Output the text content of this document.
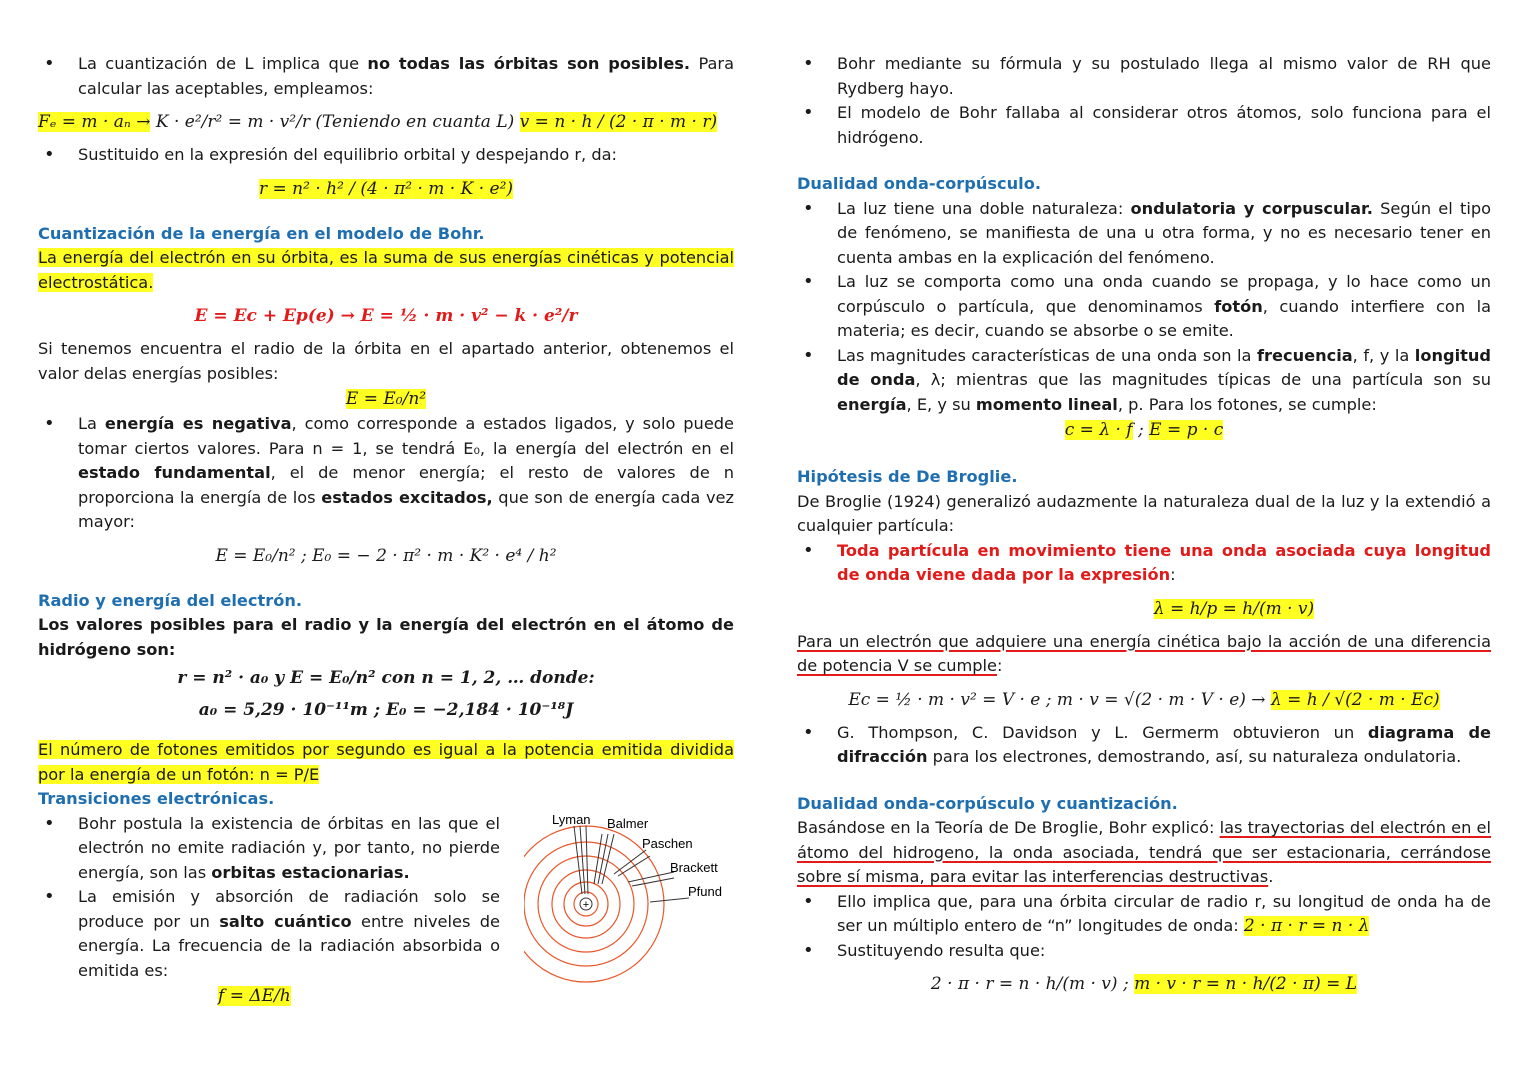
• La cuantización de L implica que no todas las órbitas son posibles. Para calcular las aceptables, empleamos:
Fₑ = m · aₙ → K · e²/r² = m · v²/r (Teniendo en cuanta L) v = n · h / (2 · π · m · r)
• Sustituido en la expresión del equilibrio orbital y despejando r, da:
r = n² · h² / (4 · π² · m · K · e²)
Cuantización de la energía en el modelo de Bohr.

La energía del electrón en su órbita, es la suma de sus energías cinéticas y potencial electrostática.

E = Ec + Ep(e) → E = ½ · m · v² − k · e²/r

Si tenemos encuentra el radio de la órbita en el apartado anterior, obtenemos el valor delas energías posibles:

E = E₀/n²
• La energía es negativa, como corresponde a estados ligados, y solo puede tomar ciertos valores. Para n = 1, se tendrá E₀, la energía del electrón en el estado fundamental, el de menor energía; el resto de valores de n proporciona la energía de los estados excitados, que son de energía cada vez mayor:
E = E₀/n² ; E₀ = − 2 · π² · m · K² · e⁴ / h²
Radio y energía del electrón.

Los valores posibles para el radio y la energía del electrón en el átomo de hidrógeno son:

r = n² · a₀ y E = E₀/n² con n = 1, 2, … donde:
a₀ = 5,29 · 10⁻¹¹m ; E₀ = −2,184 · 10⁻¹⁸J

El número de fotones emitidos por segundo es igual a la potencia emitida dividida por la energía de un fotón: n = P/E

Transiciones electrónicas.
• Bohr postula la existencia de órbitas en las que el electrón no emite radiación y, por tanto, no pierde energía, son las orbitas estacionarias.
• La emisión y absorción de radiación solo se produce por un salto cuántico entre niveles de energía. La frecuencia de la radiación absorbida o emitida es:
f = ΔE/h
+
Lyman Balmer
Paschen
Brackett
Pfund
• Bohr mediante su fórmula y su postulado llega al mismo valor de RH que Rydberg hayo.
• El modelo de Bohr fallaba al considerar otros átomos, solo funciona para el hidrógeno.
Dualidad onda-corpúsculo.
• La luz tiene una doble naturaleza: ondulatoria y corpuscular. Según el tipo de fenómeno, se manifiesta de una u otra forma, y no es necesario tener en cuenta ambas en la explicación del fenómeno.
• La luz se comporta como una onda cuando se propaga, y lo hace como un corpúsculo o partícula, que denominamos fotón, cuando interfiere con la materia; es decir, cuando se absorbe o se emite.
• Las magnitudes características de una onda son la frecuencia, f, y la longitud de onda, λ; mientras que las magnitudes típicas de una partícula son su energía, E, y su momento lineal, p. Para los fotones, se cumple:
c = λ · f ; E = p · c
Hipótesis de De Broglie.

De Broglie (1924) generalizó audazmente la naturaleza dual de la luz y la extendió a cualquier partícula:

• Toda partícula en movimiento tiene una onda asociada cuya longitud de onda viene dada por la expresión:
λ = h/p = h/(m · v)

Para un electrón que adquiere una energía cinética bajo la acción de una diferencia de potencia V se cumple:

Ec = ½ · m · v² = V · e ; m · v = √(2 · m · V · e) → λ = h / √(2 · m · Ec)
• G. Thompson, C. Davidson y L. Germerm obtuvieron un diagrama de difracción para los electrones, demostrando, así, su naturaleza ondulatoria.
Dualidad onda-corpúsculo y cuantización.

Basándose en la Teoría de De Broglie, Bohr explicó: las trayectorias del electrón en el átomo del hidrogeno, la onda asociada, tendrá que ser estacionaria, cerrándose sobre sí misma, para evitar las interferencias destructivas.

• Ello implica que, para una órbita circular de radio r, su longitud de onda ha de ser un múltiplo entero de “n” longitudes de onda: 2 · π · r = n · λ
• Sustituyendo resulta que:
2 · π · r = n · h/(m · v) ; m · v · r = n · h/(2 · π) = L
